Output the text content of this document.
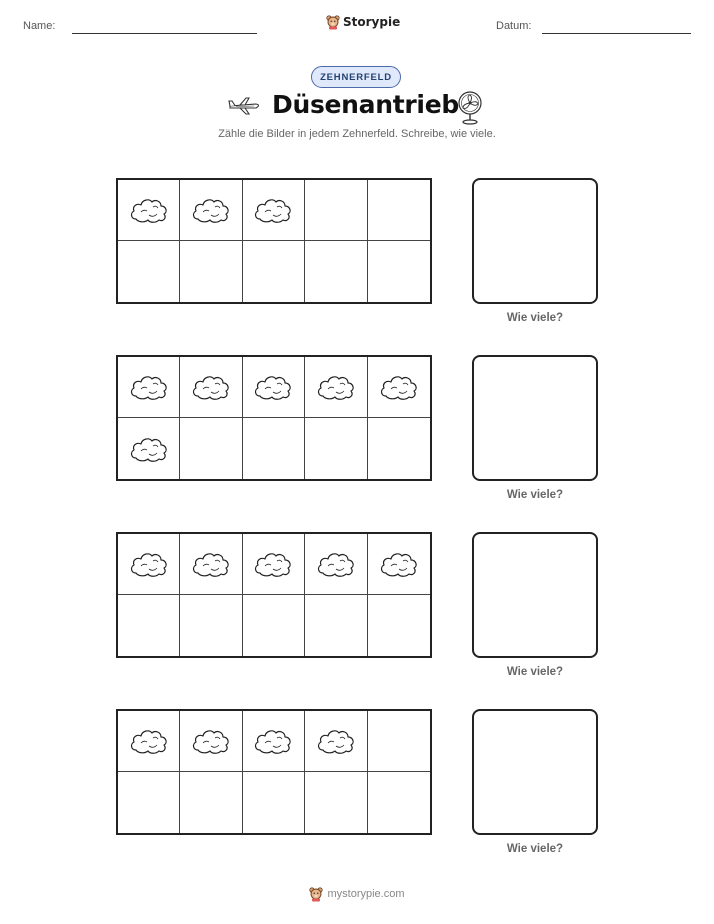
Name:	Storypie	Datum:
ZEHNERFELD
Düsenantrieb
Zähle die Bilder in jedem Zehnerfeld. Schreibe, wie viele.
Wie viele?
Wie viele?
Wie viele?
Wie viele?
mystorypie.com
